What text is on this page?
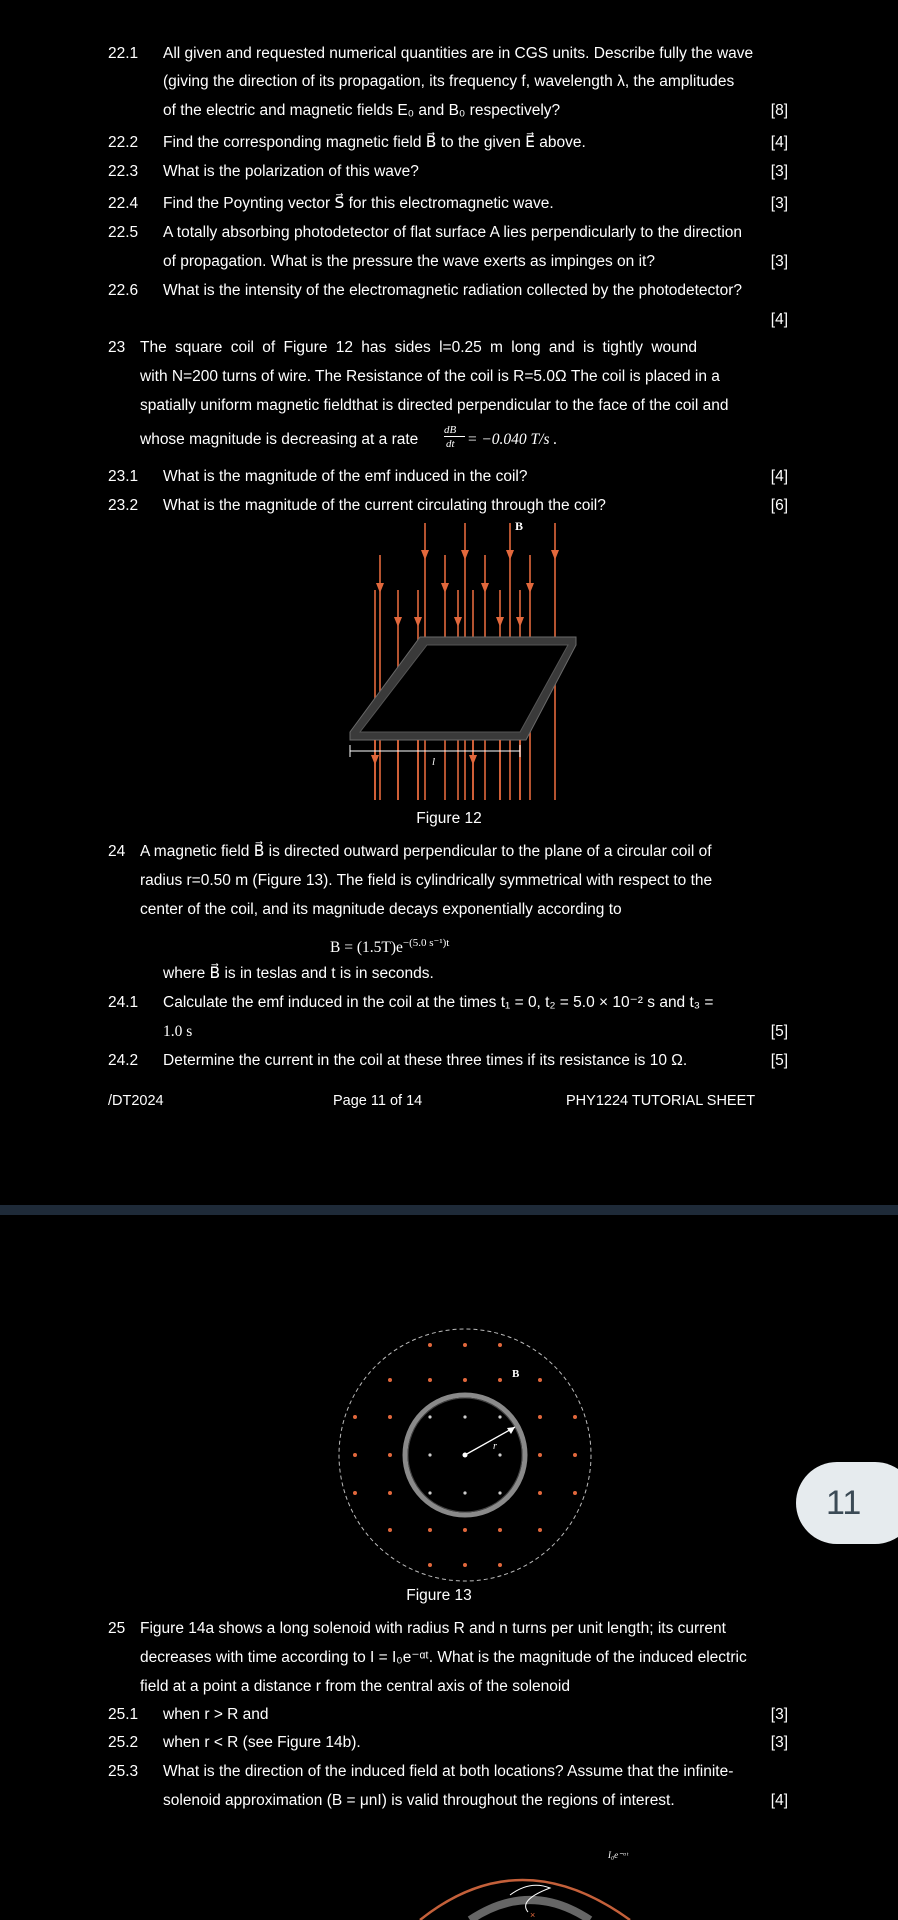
22.1 All given and requested numerical quantities are in CGS units. Describe fully the wave
(giving the direction of its propagation, its frequency f, wavelength λ, the amplitudes
of the electric and magnetic fields E₀ and B₀ respectively?	[8]
22.2 Find the corresponding magnetic field B⃗ to the given E⃗ above.	[4]
22.3 What is the polarization of this wave?	[3]
22.4 Find the Poynting vector S⃗ for this electromagnetic wave.	[3]
22.5 A totally absorbing photodetector of flat surface A lies perpendicularly to the direction
of propagation. What is the pressure the wave exerts as impinges on it?	[3]
22.6 What is the intensity of the electromagnetic radiation collected by the photodetector?
[4]
23 The square coil of Figure 12 has sides l=0.25 m long and is tightly wound
with N=200 turns of wire. The Resistance of the coil is R=5.0Ω The coil is placed in a
spatially uniform magnetic fieldthat is directed perpendicular to the face of the coil and
whose magnitude is decreasing at a rate
dB⃗
dt = −0.040 T/s .
23.1 What is the magnitude of the emf induced in the coil?	[4]
23.2 What is the magnitude of the current circulating through the coil?	[6]
B⃗
l
Figure 12
24 A magnetic field B⃗ is directed outward perpendicular to the plane of a circular coil of
radius r=0.50 m (Figure 13). The field is cylindrically symmetrical with respect to the
center of the coil, and its magnitude decays exponentially according to
$B = (1.5T)e^{-(5.0 s^{-1})t}$
where B⃗ is in teslas and t is in seconds.
24.1 Calculate the emf induced in the coil at the times t₁ = 0, t₂ = 5.0 × 10⁻² s and t₃ =
1.0 s	[5]
24.2 Determine the current in the coil at these three times if its resistance is 10 Ω.	[5]
/DT2024	Page 11 of 14	PHY1224 TUTORIAL SHEET
r
B⃗
Figure 13
25 Figure 14a shows a long solenoid with radius R and n turns per unit length; its current
decreases with time according to I = I₀e⁻ᵅᵗ. What is the magnitude of the induced electric
field at a point a distance r from the central axis of the solenoid
25.1 when r > R and	[3]
25.2 when r < R (see Figure 14b).	[3]
25.3 What is the direction of the induced field at both locations? Assume that the infinite-
solenoid approximation (B = μnI) is valid throughout the regions of interest.	[4]
×
I₀e⁻ᵅᵗ
11
